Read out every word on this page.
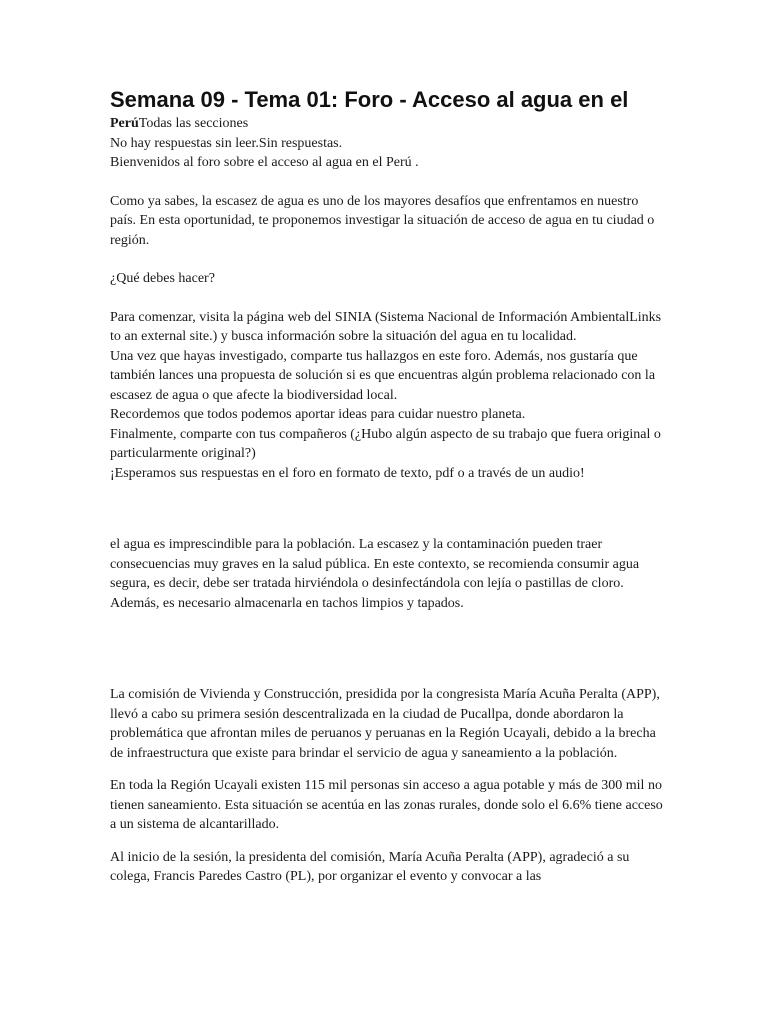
Semana 09 - Tema 01: Foro - Acceso al agua en el
PerúTodas las secciones

No hay respuestas sin leer.Sin respuestas.

Bienvenidos al foro sobre el acceso al agua en el Perú .

Como ya sabes, la escasez de agua es uno de los mayores desafíos que enfrentamos en nuestro país. En esta oportunidad, te proponemos investigar la situación de acceso de agua en tu ciudad o región.

¿Qué debes hacer?

Para comenzar, visita la página web del SINIA (Sistema Nacional de Información AmbientalLinks to an external site.) y busca información sobre la situación del agua en tu localidad.

Una vez que hayas investigado, comparte tus hallazgos en este foro. Además, nos gustaría que también lances una propuesta de solución si es que encuentras algún problema relacionado con la escasez de agua o que afecte la biodiversidad local.

Recordemos que todos podemos aportar ideas para cuidar nuestro planeta.

Finalmente, comparte con tus compañeros (¿Hubo algún aspecto de su trabajo que fuera original o particularmente original?)

¡Esperamos sus respuestas en el foro en formato de texto, pdf o a través de un audio!

el agua es imprescindible para la población. La escasez y la contaminación pueden traer consecuencias muy graves en la salud pública. En este contexto, se recomienda consumir agua segura, es decir, debe ser tratada hirviéndola o desinfectándola con lejía o pastillas de cloro. Además, es necesario almacenarla en tachos limpios y tapados.

La comisión de Vivienda y Construcción, presidida por la congresista María Acuña Peralta (APP), llevó a cabo su primera sesión descentralizada en la ciudad de Pucallpa, donde abordaron la problemática que afrontan miles de peruanos y peruanas en la Región Ucayali, debido a la brecha de infraestructura que existe para brindar el servicio de agua y saneamiento a la población.

En toda la Región Ucayali existen 115 mil personas sin acceso a agua potable y más de 300 mil no tienen saneamiento. Esta situación se acentúa en las zonas rurales, donde solo el 6.6% tiene acceso a un sistema de alcantarillado.

Al inicio de la sesión, la presidenta del comisión, María Acuña Peralta (APP), agradeció a su colega, Francis Paredes Castro (PL), por organizar el evento y convocar a las
